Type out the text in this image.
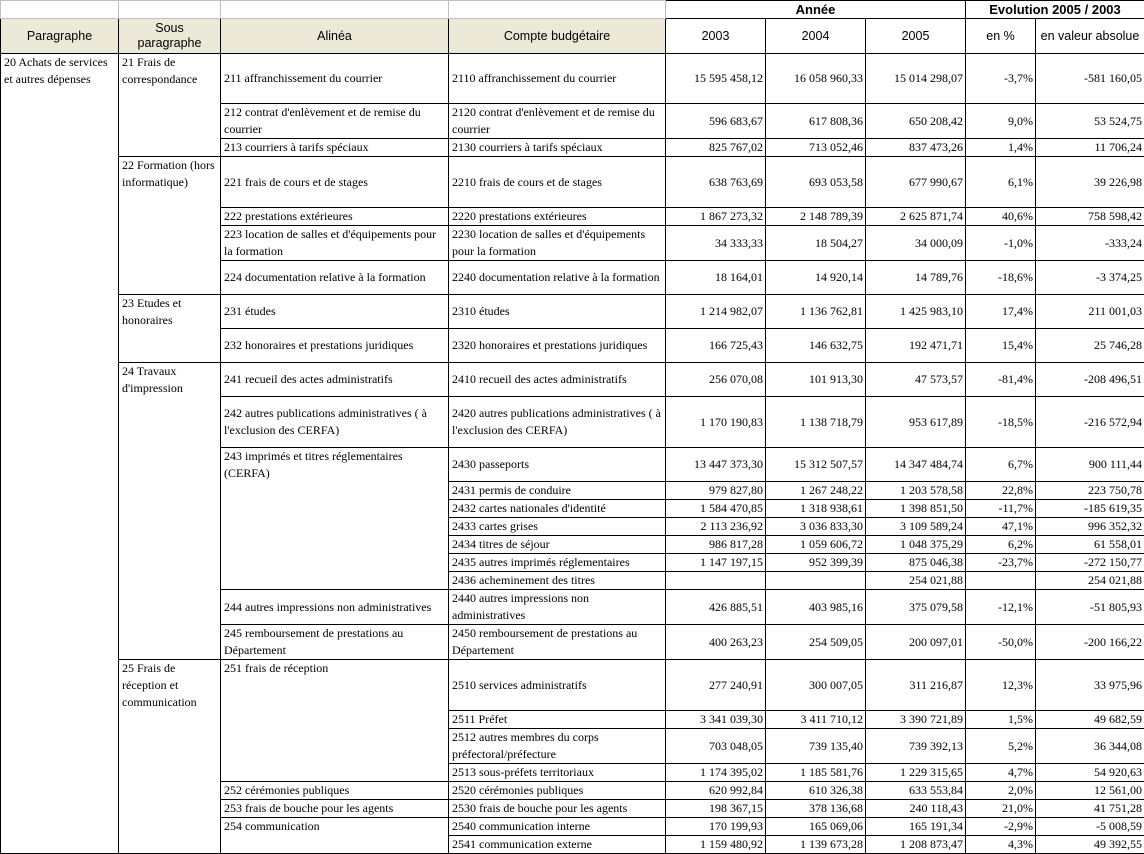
				Année			Evolution 2005 / 2003	
Paragraphe	Sous paragraphe	Alinéa	Compte budgétaire	2003	2004	2005	en %	en valeur absolue
20 Achats de services et autres dépenses	21 Frais de correspondance	211 affranchissement du courrier	2110 affranchissement du courrier	15 595 458,12	16 058 960,33	15 014 298,07	-3,7%	-581 160,05
		212 contrat d'enlèvement et de remise du courrier	2120 contrat d'enlèvement et de remise du courrier	596 683,67	617 808,36	650 208,42	9,0%	53 524,75
		213 courriers à tarifs spéciaux	2130 courriers à tarifs spéciaux	825 767,02	713 052,46	837 473,26	1,4%	11 706,24
	22 Formation (hors informatique)	221 frais de cours et de stages	2210 frais de cours et de stages	638 763,69	693 053,58	677 990,67	6,1%	39 226,98
		222 prestations extérieures	2220 prestations extérieures	1 867 273,32	2 148 789,39	2 625 871,74	40,6%	758 598,42
		223 location de salles et d'équipements pour la formation	2230 location de salles et d'équipements pour la formation	34 333,33	18 504,27	34 000,09	-1,0%	-333,24
		224 documentation relative à la formation	2240 documentation relative à la formation	18 164,01	14 920,14	14 789,76	-18,6%	-3 374,25
	23 Etudes et honoraires	231 études	2310 études	1 214 982,07	1 136 762,81	1 425 983,10	17,4%	211 001,03
		232 honoraires et prestations juridiques	2320 honoraires et prestations juridiques	166 725,43	146 632,75	192 471,71	15,4%	25 746,28
	24 Travaux d'impression	241 recueil des actes administratifs	2410 recueil des actes administratifs	256 070,08	101 913,30	47 573,57	-81,4%	-208 496,51
		242 autres publications administratives ( à l'exclusion des CERFA)	2420 autres publications administratives ( à l'exclusion des CERFA)	1 170 190,83	1 138 718,79	953 617,89	-18,5%	-216 572,94
		243 imprimés et titres réglementaires (CERFA)	2430 passeports	13 447 373,30	15 312 507,57	14 347 484,74	6,7%	900 111,44
			2431 permis de conduire	979 827,80	1 267 248,22	1 203 578,58	22,8%	223 750,78
			2432 cartes nationales d'identité	1 584 470,85	1 318 938,61	1 398 851,50	-11,7%	-185 619,35
			2433 cartes grises	2 113 236,92	3 036 833,30	3 109 589,24	47,1%	996 352,32
			2434 titres de séjour	986 817,28	1 059 606,72	1 048 375,29	6,2%	61 558,01
			2435 autres imprimés réglementaires	1 147 197,15	952 399,39	875 046,38	-23,7%	-272 150,77
			2436 acheminement des titres			254 021,88		254 021,88
		244 autres impressions non administratives	2440 autres impressions non administratives	426 885,51	403 985,16	375 079,58	-12,1%	-51 805,93
		245 remboursement de prestations au Département	2450 remboursement de prestations au Département	400 263,23	254 509,05	200 097,01	-50,0%	-200 166,22
	25 Frais de réception et communication	251 frais de réception	2510 services administratifs	277 240,91	300 007,05	311 216,87	12,3%	33 975,96
			2511 Préfet	3 341 039,30	3 411 710,12	3 390 721,89	1,5%	49 682,59
			2512 autres membres du corps préfectoral/préfecture	703 048,05	739 135,40	739 392,13	5,2%	36 344,08
			2513 sous-préfets territoriaux	1 174 395,02	1 185 581,76	1 229 315,65	4,7%	54 920,63
		252 cérémonies publiques	2520 cérémonies publiques	620 992,84	610 326,38	633 553,84	2,0%	12 561,00
		253 frais de bouche pour les agents	2530 frais de bouche pour les agents	198 367,15	378 136,68	240 118,43	21,0%	41 751,28
		254 communication	2540 communication interne	170 199,93	165 069,06	165 191,34	-2,9%	-5 008,59
			2541 communication externe	1 159 480,92	1 139 673,28	1 208 873,47	4,3%	49 392,55
